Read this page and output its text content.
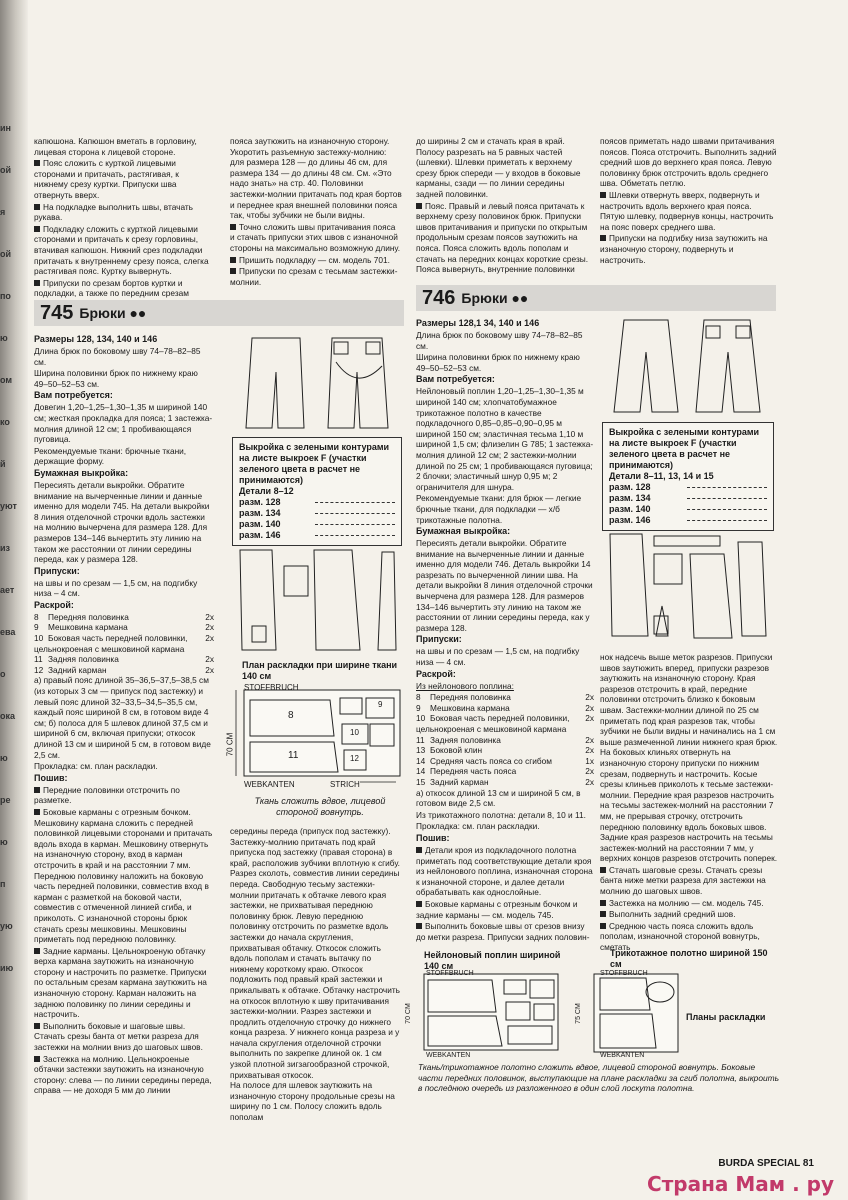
ин
ой
я
ой
по
ю
ом
ко
й
уют
из
ает
ева
о
ока
ю
ре
ю
п
ую
ию

капюшона. Капюшон вметать в горловину, лицевая сторона к лицевой стороне.

Пояс сложить с курткой лицевыми сторонами и притачать, растягивая, к нижнему срезу куртки. Припуски шва отвернуть вверх.

На подкладке выполнить швы, втачать рукава.

Подкладку сложить с курткой лицевыми сторонами и притачать к срезу горловины, втачивая капюшон. Нижний срез подкладки притачать к внутреннему срезу пояса, слегка растягивая пояс. Куртку вывернуть.

Припуски по срезам бортов куртки и подкладки, а также по передним срезам

пояса заутюжить на изнаночную сторону. Укоротить разъемную застежку-молнию: для размера 128 — до длины 46 см, для размера 134 — до длины 48 см. См. «Это надо знать» на стр. 40. Половинки застежки-молнии притачать под края бортов и переднее края внешней половинки пояса так, чтобы зубчики не были видны.

Точно сложить швы притачивания пояса и стачать припуски этих швов с изнаночной стороны на максимально возможную длину.

Пришить подкладку — см. модель 701.

Припуски по срезам с тесьмам застежки-молнии.

до ширины 2 см и стачать края в край. Полосу разрезать на 5 равных частей (шлевки). Шлевки приметать к верхнему срезу брюк спереди — у входов в боковые карманы, сзади — по линии середины задней половинки.

Пояс. Правый и левый пояса притачать к верхнему срезу половинок брюк. Припуски швов притачивания и припуски по открытым продольным срезам поясов заутюжить на пояса. Пояса сложить вдоль пополам и стачать на передних концах короткие срезы. Пояса вывернуть, внутренние половинки

поясов приметать надо швами притачивания поясов. Пояса отстрочить. Выполнить задний средний шов до верхнего края пояса. Левую половинку брюк отстрочить вдоль среднего шва. Обметать петлю.

Шлевки отвернуть вверх, подвернуть и настрочить вдоль верхнего края пояса. Пятую шлевку, подвернув концы, настрочить на пояс поверх среднего шва.

Припуски на подгибку низа заутюжить на изнаночную сторону, подвернуть и настрочить.

745 Брюки ●●

Размеры 128, 134, 140 и 146

Длина брюк по боковому шву 74–78–82–85 см.

Ширина половинки брюк по нижнему краю 49–50–52–53 см.

Вам потребуется:

Довегин 1,20–1,25–1,30–1,35 м шириной 140 см; жесткая прокладка для пояса; 1 застежка-молния длиной 12 см; 1 пробивающаяся пуговица.

Рекомендуемые ткани: брючные ткани, держащие форму.

Бумажная выкройка:

Пересиять детали выкройки. Обратите внимание на вычерченные линии и данные именно для модели 745. На детали выкройки 8 линия отделочной строчки вдоль застежки на молнию вычерчена для размера 128. Для размеров 134–146 вычертить эту линию на таком же расстоянии от линии середины переда, как у размера 128.

Припуски:

на швы и по срезам — 1,5 см, на подгибку низа – 4 см.

Раскрой:

8 Передняя половинка	2x
9 Мешковина кармана	2x
10 Боковая часть передней половинки, цельнокроеная с мешковиной кармана
2x
11 Задняя половинка	2x
12 Задний карман	2x

а) правый пояс длиной 35–36,5–37,5–38,5 см (из которых 3 см — припуск под застежку) и левый пояс длиной 32–33,5–34,5–35,5 см, каждый пояс шириной 8 см, в готовом виде 4 см; б) полоса для 5 шлевок длиной 37,5 см и шириной 6 см, включая припуски; откосок длиной 13 см и шириной 5 см, в готовом виде 2,5 см.

Прокладка: см. план раскладки.

Пошив:

Передние половинки отстрочить по разметке.

Боковые карманы с отрезным бочком. Мешковину кармана сложить с передней половинкой лицевыми сторонами и притачать вдоль входа в карман. Мешковину отвернуть на изнаночную сторону, вход в карман отстрочить в край и на расстоянии 7 мм. Переднюю половинку наложить на боковую часть передней половинки, совместив вход в карман с разметкой на боковой части, совместив с отмеченной линией сгиба, и приколоть. С изнаночной стороны брюк стачать срезы мешковины. Мешковины приметать под переднюю половинку.

Задние карманы. Цельнокроеную обтачку верха кармана заутюжить на изнаночную сторону и настрочить по разметке. Припуски по остальным срезам кармана заутюжить на изнаночную сторону. Карман наложить на заднюю половинку по линии середины и настрочить.

Выполнить боковые и шаговые швы. Стачать срезы банта от метки разреза для застежки на молнии вниз до шаговых швов.

Застежка на молнию. Цельнокроеные обтачки застежки заутюжить на изнаночную сторону: слева — по линии середины переда, справа — не доходя 5 мм до линии

Выкройка с зелеными контурами на листе выкроек F (участки зеленого цвета в расчет не принимаются)

Детали 8–12

разм. 128
разм. 134
разм. 140
разм. 146
План раскладки при ширине ткани 140 см
STOFFBRUCH
WEBKANTEN	STRICH
70 CM
8
9
10
11	12
Ткань сложить вдвое, лицевой стороной вовнутрь.
середины переда (припуск под застежку). Застежку-молнию притачать под край припуска под застежку (правая сторона) в край, расположив зубчики вплотную к сгибу. Разрез сколоть, совместив линии середины переда. Свободную тесьму застежки-молнии притачать к обтачке левого края застежки, не прихватывая переднюю половинку брюк. Левую переднюю половинку отстрочить по разметке вдоль застежки до начала скругления, прихватывая обтачку. Откосок сложить вдоль пополам и стачать вытачку по нижнему короткому краю. Откосок подложить под правый край застежки и прикалывать к обтачке. Обтачку настрочить на откосок вплотную к шву притачивания застежки-молнии. Разрез застежки и продлить отделочную строчку до нижнего конца разреза. У нижнего конца разреза и у начала скругления отделочной строчки выполнить по закрепке длиной ок. 1 см узкой плотной зигзагообразной строчкой, прихватывая откосок.
На полосе для шлевок заутюжить на изнаночную сторону продольные срезы на ширину по 1 см. Полосу сложить вдоль пополам
746 Брюки ●●

Размеры 128,1 34, 140 и 146

Длина брюк по боковому шву 74–78–82–85 см.

Ширина половинки брюк по нижнему краю 49–50–52–53 см.

Вам потребуется:

Нейлоновый поплин 1,20–1,25–1,30–1,35 м шириной 140 см; хлопчатобумажное трикотажное полотно в качестве подкладочного 0,85–0,85–0,90–0,95 м шириной 150 см; эластичная тесьма 1,10 м шириной 1,5 см; флизелин G 785; 1 застежка-молния длиной 12 см; 2 застежки-молнии длиной по 25 см; 1 пробивающаяся пуговица; 2 блочки; эластичный шнур 0,95 м; 2 ограничителя для шнура.

Рекомендуемые ткани: для брюк — легкие брючные ткани, для подкладки — х/б трикотажные полотна.

Бумажная выкройка:

Пересиять детали выкройки. Обратите внимание на вычерченные линии и данные именно для модели 746. Деталь выкройки 14 разрезать по вычерченной линии шва. На детали выкройки 8 линия отделочной строчки вычерчена для размера 128. Для размеров 134–146 вычертить эту линию на таком же расстоянии от линии середины переда, как у размера 128.

Припуски:

на швы и по срезам — 1,5 см, на подгибку низа — 4 см.

Раскрой:

Из нейлонового поплина:

8 Передняя половинка	2x
9 Мешковина кармана	2x
10 Боковая часть передней половинки, цельнокроеная с мешковиной кармана
2x
11 Задняя половинка	2x
13 Боковой клин	2x
14 Средняя часть пояса со сгибом	1x
14 Передняя часть пояса	2x
15 Задний карман	2x

а) откосок длиной 13 см и шириной 5 см, в готовом виде 2,5 см.

Из трикотажного полотна: детали 8, 10 и 11.

Прокладка: см. план раскладки.

Пошив:

Детали кроя из подкладочного полотна приметать под соответствующие детали кроя из нейлонового поплина, изнаночная сторона к изнаночной стороне, и далее детали обрабатывать как однослойные.

Боковые карманы с отрезным бочком и задние карманы — см. модель 745.

Выполнить боковые швы от срезов внизу до метки разреза. Припуски задних половин-

Выкройка с зелеными контурами на листе выкроек F (участки зеленого цвета в расчет не принимаются)

Детали 8–11, 13, 14 и 15

разм. 128
разм. 134
разм. 140
разм. 146

нок надсечь выше меток разрезов. Припуски швов заутюжить вперед, припуски разрезов заутюжить на изнаночную сторону. Края разрезов отстрочить в край, передние половинки отстрочить близко к боковым швам. Застежки-молнии длиной по 25 см приметать под края разрезов так, чтобы зубчики не были видны и начинались на 1 см выше размеченной линии нижнего края брюк. На боковых клиньях отвернуть на изнаночную сторону припуски по нижним срезам, подвернуть и настрочить. Косые срезы клиньев приколоть к тесьме застежки-молнии. Передние края разрезов настрочить на тесьмы застежек-молний на расстоянии 7 мм, не прерывая строчку, отстрочить переднюю половинку вдоль боковых швов. Задние края разрезов настрочить на тесьмы застежек-молний на расстоянии 7 мм, у верхних концов разрезов отстрочить поперек.

Стачать шаговые срезы. Стачать срезы банта ниже метки разреза для застежки на молнию до шаговых швов.

Застежка на молнию — см. модель 745.

Выполнить задний средний шов.

Среднюю часть пояса сложить вдоль пополам, изнаночной стороной вовнутрь, сметать

Нейлоновый поплин шириной 140 см
Трикотажное полотно шириной 150 см
Планы раскладки
STOFFBRUCH
WEBKANTEN
70 CM
STOFFBRUCH
WEBKANTEN
75 CM
Ткань/трикотажное полотно сложить вдвое, лицевой стороной вовнутрь. Боковые части передних половинок, выступающие на плане раскладки за сгиб полотна, выкроить в последнюю очередь из разложенного в один слой лоскута полотна.
BURDA SPECIAL 81
Страна Мам . ру
